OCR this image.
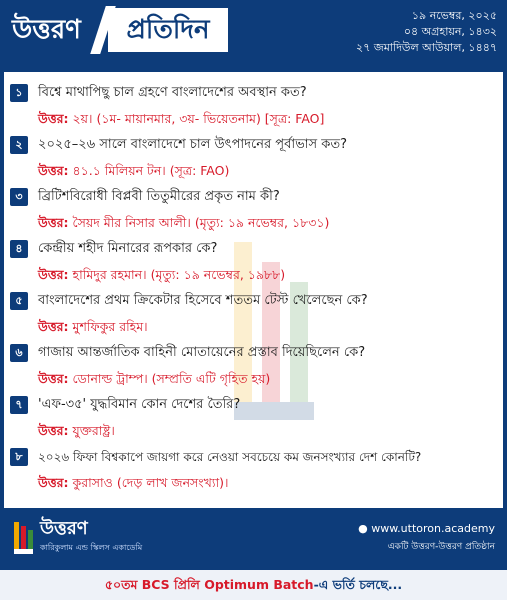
উত্তরণ	প্রতিদিন	১৯ নভেম্বর, ২০২৫
০৪ অগ্রহায়ন, ১৪৩২
২৭ জমাদিউল আউয়াল, ১৪৪৭
১	বিশ্বে মাথাপিছু চাল গ্রহণে বাংলাদেশের অবস্থান কত?
উত্তর: ২য়। (১ম- মায়ানমার, ৩য়- ভিয়েতনাম) [সূত্র: FAO]
২	২০২৫–২৬ সালে বাংলাদেশে চাল উৎপাদনের পূর্বাভাস কত?
উত্তর: ৪১.১ মিলিয়ন টন। (সূত্র: FAO)
৩	ব্রিটিশবিরোধী বিপ্লবী তিতুমীরের প্রকৃত নাম কী?
উত্তর: সৈয়দ মীর নিসার আলী। (মৃত্যু: ১৯ নভেম্বর, ১৮৩১)
৪	কেন্দ্রীয় শহীদ মিনারের রূপকার কে?
উত্তর: হামিদুর রহমান। (মৃত্যু: ১৯ নভেম্বর, ১৯৮৮)
৫	বাংলাদেশের প্রথম ক্রিকেটার হিসেবে শততম টেস্ট খেলেছেন কে?
উত্তর: মুশফিকুর রহিম।
৬	গাজায় আন্তর্জাতিক বাহিনী মোতায়েনের প্রস্তাব দিয়েছিলেন কে?
উত্তর: ডোনাল্ড ট্রাম্প। (সম্প্রতি এটি গৃহিত হয়)
৭	'এফ-৩৫' যুদ্ধবিমান কোন দেশের তৈরি?
উত্তর: যুক্তরাষ্ট্র।
৮	২০২৬ ফিফা বিশ্বকাপে জায়গা করে নেওয়া সবচেয়ে কম জনসংখ্যার দেশ কোনটি?
উত্তর: কুরাসাও (দেড় লাখ জনসংখ্যা)।
উত্তরণ
কারিকুলাম এন্ড স্কিলস একাডেমি
● www.uttoron.academy
একটি উত্তরণ-উত্তরণ প্রতিষ্ঠান
৫০তম BCS প্রিলি Optimum Batch-এ ভর্তি চলছে...
